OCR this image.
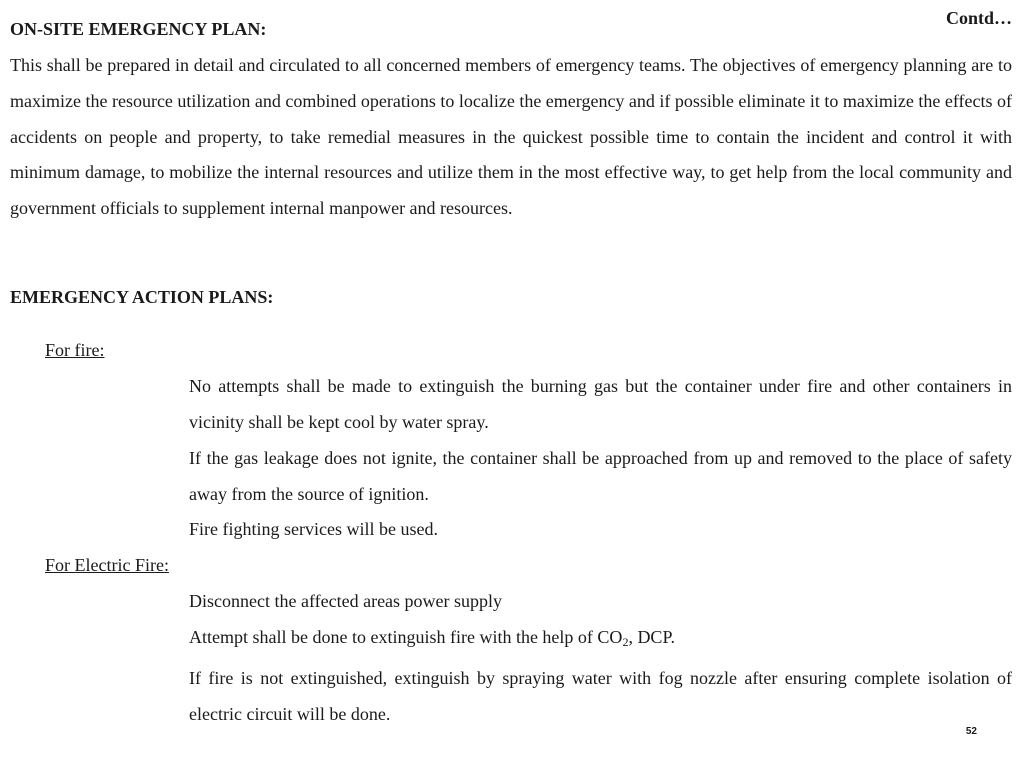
Contd…
ON-SITE EMERGENCY PLAN:
This shall be prepared in detail and circulated to all concerned members of emergency teams. The objectives of emergency planning are to maximize the resource utilization and combined operations to localize the emergency and if possible eliminate it to maximize the effects of accidents on people and property, to take remedial measures in the quickest possible time to contain the incident and control it with minimum damage, to mobilize the internal resources and utilize them in the most effective way, to get help from the local community and government officials to supplement internal manpower and resources.
EMERGENCY ACTION PLANS:
For fire:
No attempts shall be made to extinguish the burning gas but the container under fire and other containers in vicinity shall be kept cool by water spray.
If the gas leakage does not ignite, the container shall be approached from up and removed to the place of safety away from the source of ignition.
Fire fighting services will be used.
For Electric Fire:
Disconnect the affected areas power supply
Attempt shall be done to extinguish fire with the help of $CO_2$, DCP.
If fire is not extinguished, extinguish by spraying water with fog nozzle after ensuring complete isolation of electric circuit will be done.
52
